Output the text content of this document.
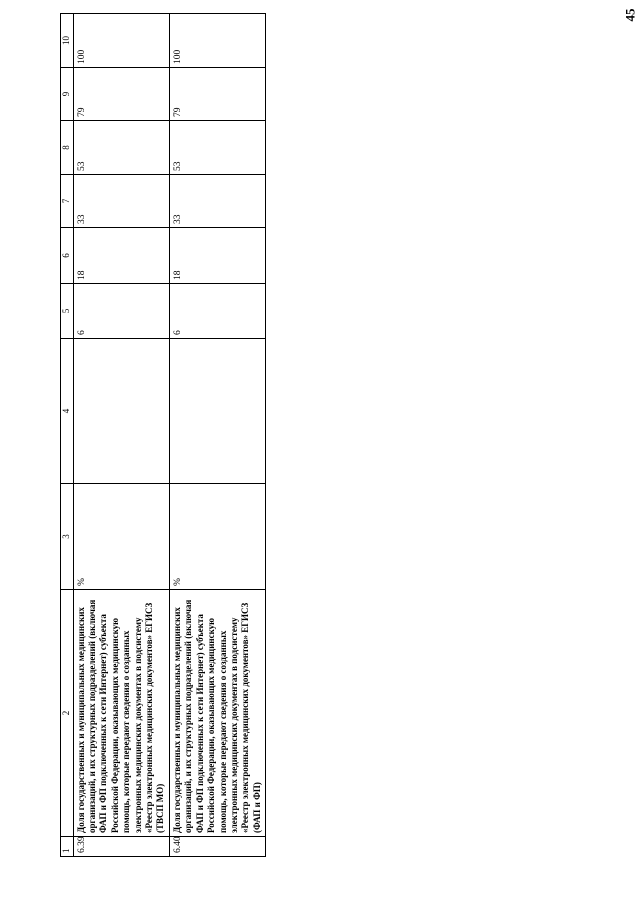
45
1	2	3	4	5	6	7	8	9	10
6.39	Доля государственных и муниципальных медицинских организаций, и их структурных подразделений (включая ФАП и ФП подключенных к сети Интернет) субъекта Российской Федерации, оказывающих медицинскую помощь, которые передают сведения о созданных электронных медицинских документах в подсистему «Реестр электронных медицинских документов» ЕГИСЗ (ТВСП МО)	%		6	18	33	53	79	100
6.40	Доля государственных и муниципальных медицинских организаций, и их структурных подразделений (включая ФАП и ФП подключенных к сети Интернет) субъекта Российской Федерации, оказывающих медицинскую помощь, которые передают сведения о созданных электронных медицинских документах в подсистему «Реестр электронных медицинских документов» ЕГИСЗ (ФАП и ФП)	%		6	18	33	53	79	100
